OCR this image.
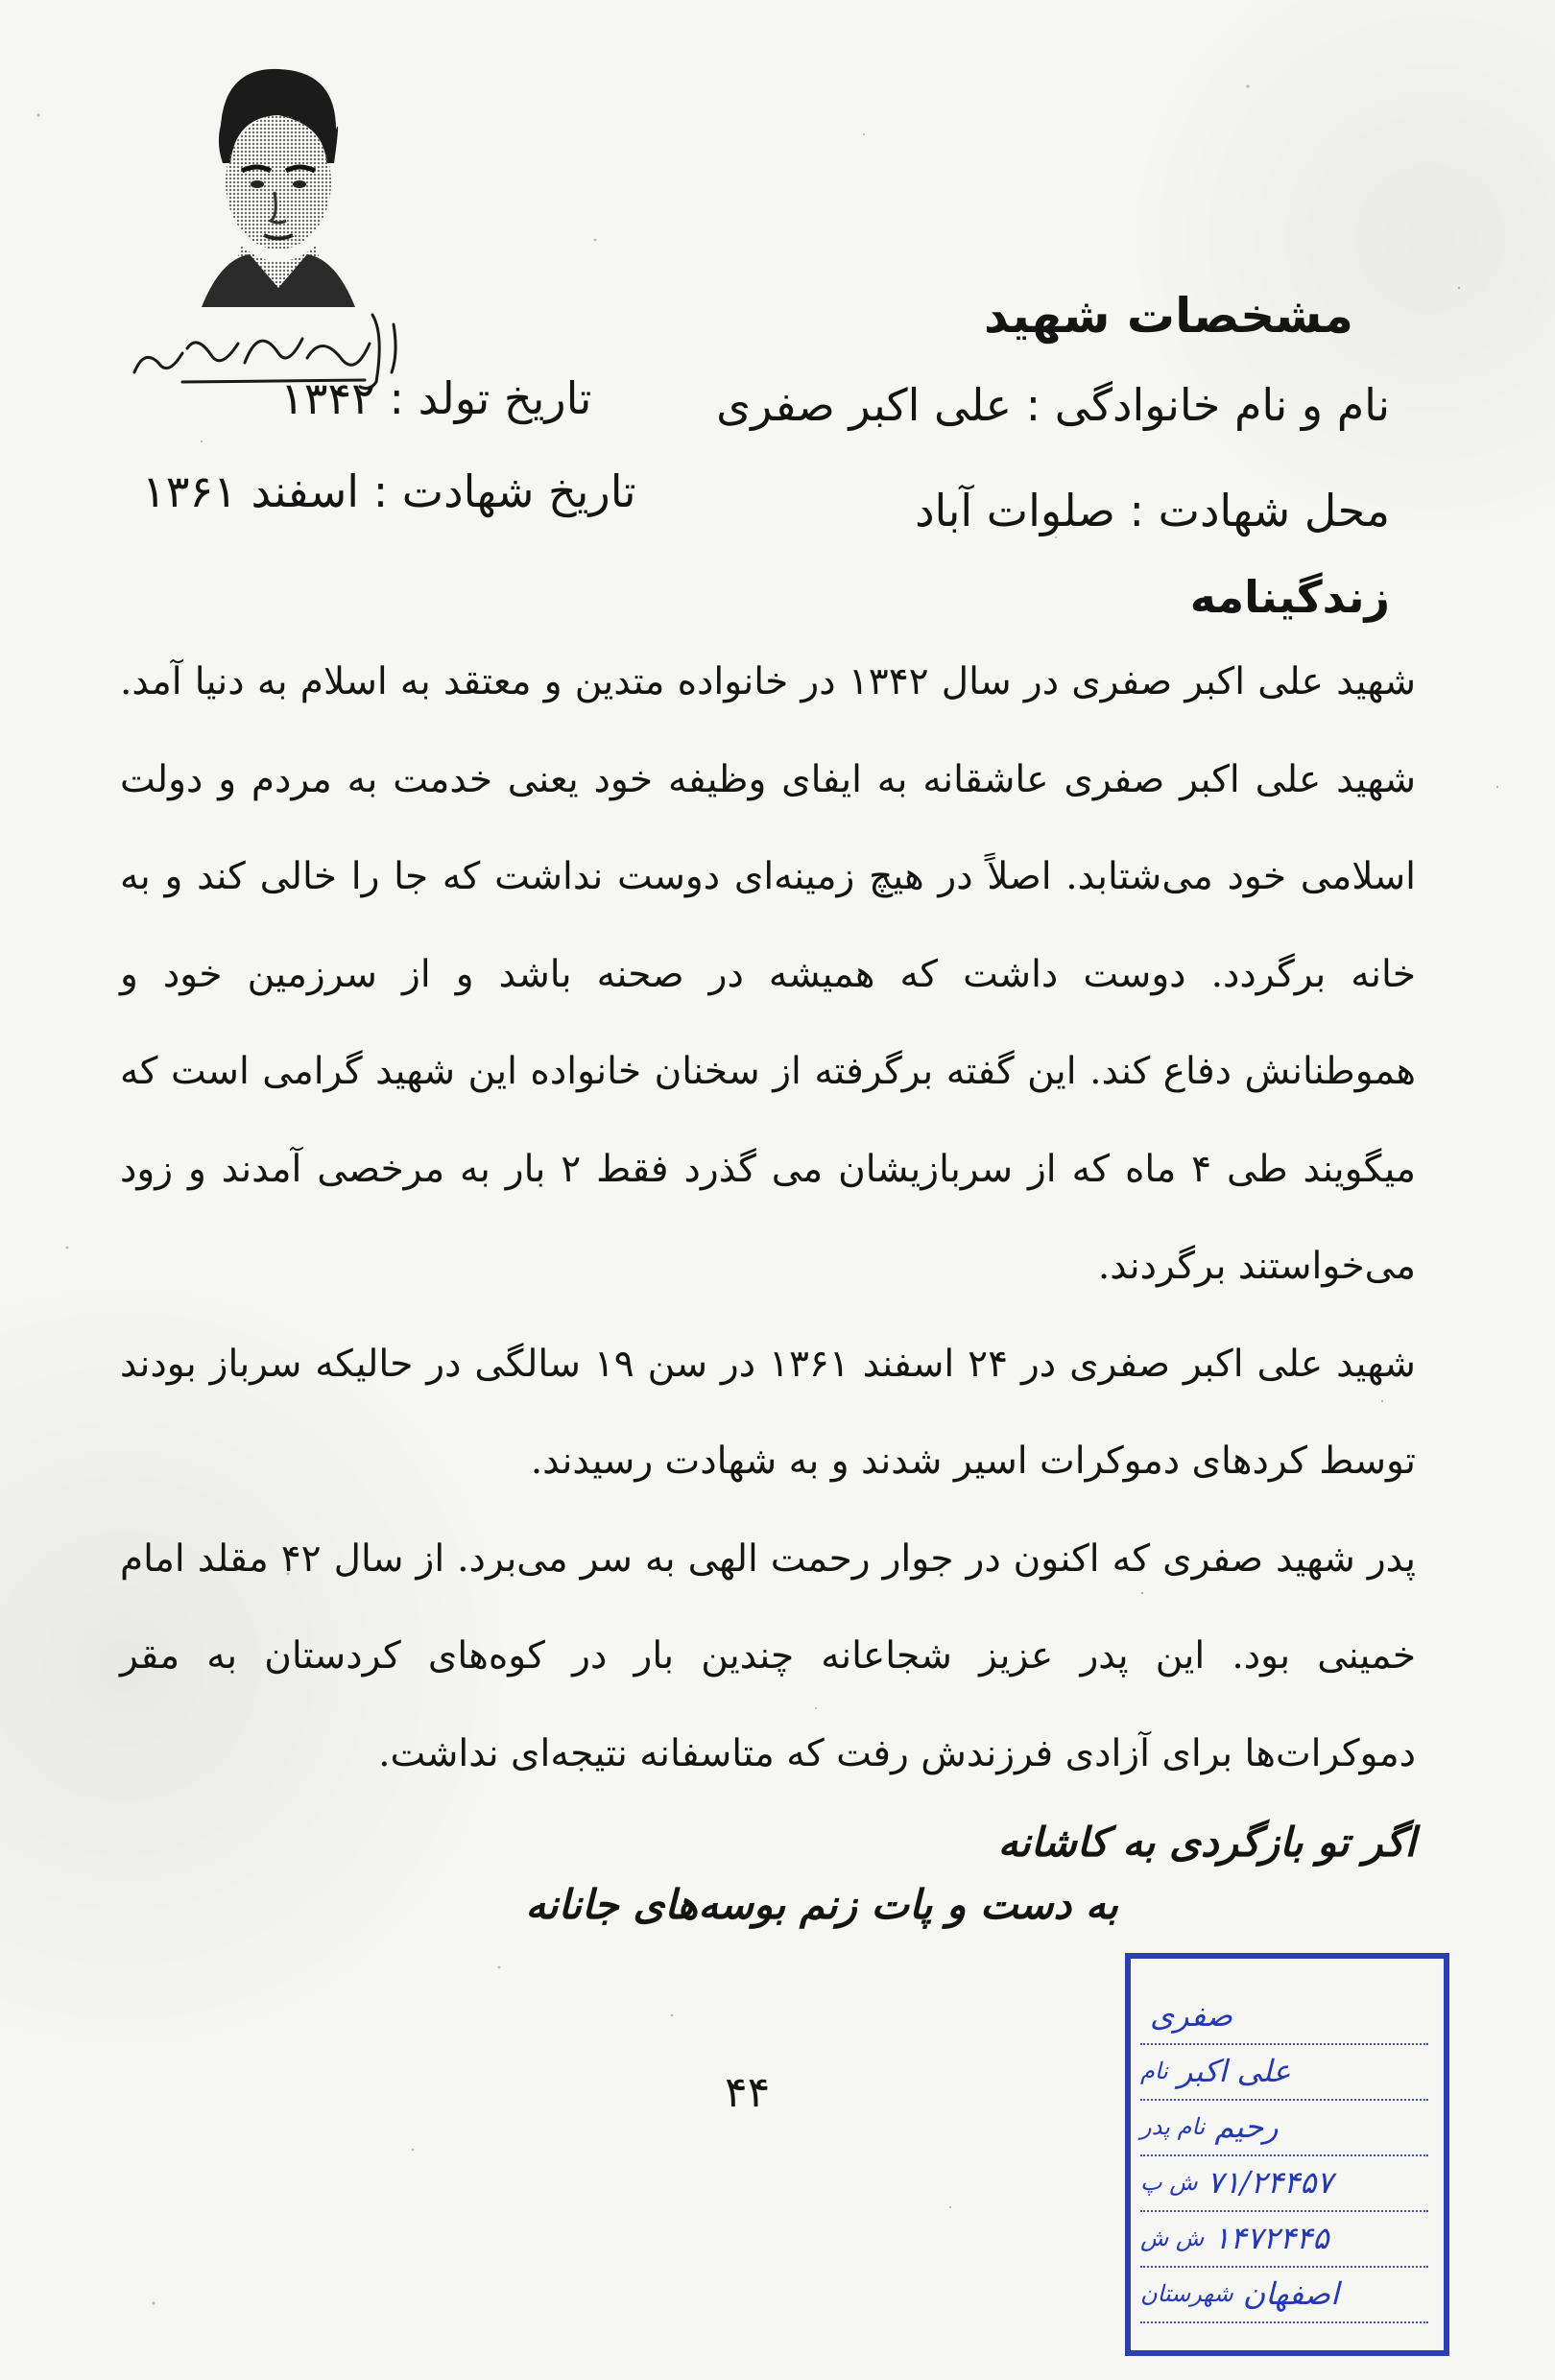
مشخصات شهید
نام و نام خانوادگی : علی اکبر صفری
تاریخ تولد : ۱۳۴۲
محل شهادت : صلوات آباد
تاریخ شهادت : اسفند ۱۳۶۱
زندگینامه

شهید علی اکبر صفری در سال ۱۳۴۲ در خانواده متدین و معتقد به اسلام به دنیا آمد. شهید علی اکبر صفری عاشقانه به ایفای وظیفه خود یعنی خدمت به مردم و دولت اسلامی خود می‌شتابد. اصلاً در هیچ زمینه‌ای دوست نداشت که جا را خالی کند و به خانه برگردد. دوست داشت که همیشه در صحنه باشد و از سرزمین خود و هموطنانش دفاع کند. این گفته برگرفته از سخنان خانواده این شهید گرامی است که میگویند طی ۴ ماه که از سربازیشان می گذرد فقط ۲ بار به مرخصی آمدند و زود می‌خواستند برگردند.

شهید علی اکبر صفری در ۲۴ اسفند ۱۳۶۱ در سن ۱۹ سالگی در حالیکه سرباز بودند توسط کردهای دموکرات اسیر شدند و به شهادت رسیدند.

پدر شهید صفری که اکنون در جوار رحمت الهی به سر می‌برد. از سال ۴۲ مقلد امام خمینی بود. این پدر عزیز شجاعانه چندین بار در کوه‌های کردستان به مقر دموکرات‌ها برای آزادی فرزندش رفت که متاسفانه نتیجه‌ای نداشت.

اگر تو بازگردی به کاشانه
به دست و پات زنم بوسه‌های جانانه
۴۴
صفری
نام علی اکبر
نام پدر رحیم
ش پ ۷۱/۲۴۴۵۷
ش ش ۱۴۷۲۴۴۵
شهرستان اصفهان
